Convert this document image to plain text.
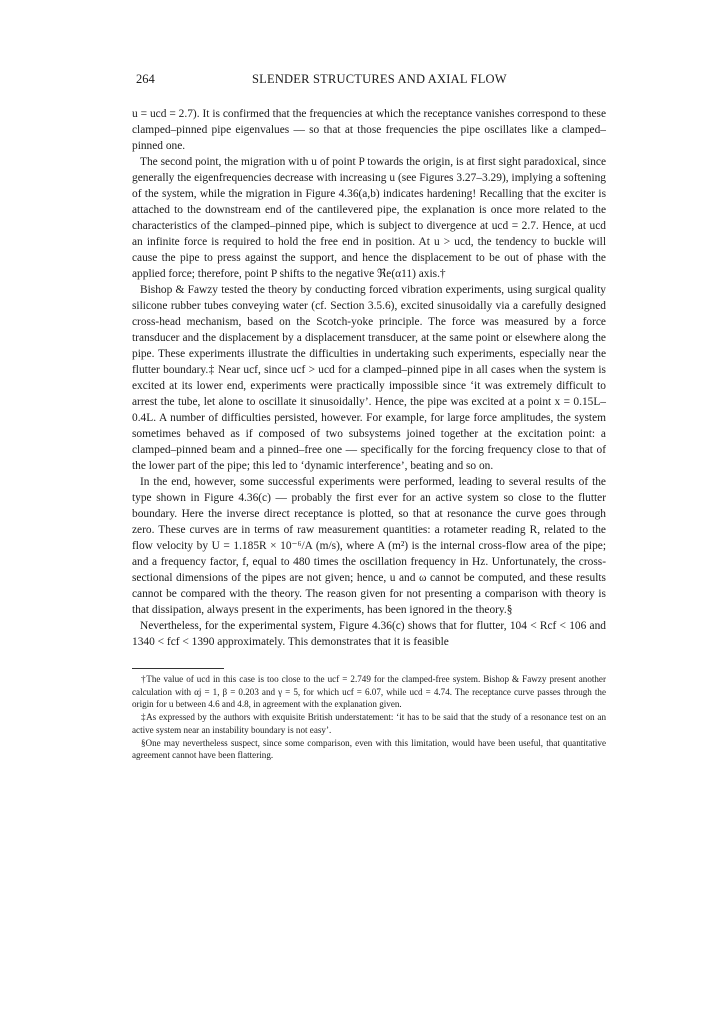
264	SLENDER STRUCTURES AND AXIAL FLOW

u = ucd = 2.7). It is confirmed that the frequencies at which the receptance vanishes correspond to these clamped–pinned pipe eigenvalues — so that at those frequencies the pipe oscillates like a clamped–pinned one.

The second point, the migration with u of point P towards the origin, is at first sight paradoxical, since generally the eigenfrequencies decrease with increasing u (see Figures 3.27–3.29), implying a softening of the system, while the migration in Figure 4.36(a,b) indicates hardening! Recalling that the exciter is attached to the downstream end of the cantilevered pipe, the explanation is once more related to the characteristics of the clamped–pinned pipe, which is subject to divergence at ucd = 2.7. Hence, at ucd an infinite force is required to hold the free end in position. At u > ucd, the tendency to buckle will cause the pipe to press against the support, and hence the displacement to be out of phase with the applied force; therefore, point P shifts to the negative ℜe(α11) axis.†

Bishop & Fawzy tested the theory by conducting forced vibration experiments, using surgical quality silicone rubber tubes conveying water (cf. Section 3.5.6), excited sinusoidally via a carefully designed cross-head mechanism, based on the Scotch-yoke principle. The force was measured by a force transducer and the displacement by a displacement transducer, at the same point or elsewhere along the pipe. These experiments illustrate the difficulties in undertaking such experiments, especially near the flutter boundary.‡ Near ucf, since ucf > ucd for a clamped–pinned pipe in all cases when the system is excited at its lower end, experiments were practically impossible since ‘it was extremely difficult to arrest the tube, let alone to oscillate it sinusoidally’. Hence, the pipe was excited at a point x = 0.15L–0.4L. A number of difficulties persisted, however. For example, for large force amplitudes, the system sometimes behaved as if composed of two subsystems joined together at the excitation point: a clamped–pinned beam and a pinned–free one — specifically for the forcing frequency close to that of the lower part of the pipe; this led to ‘dynamic interference’, beating and so on.

In the end, however, some successful experiments were performed, leading to several results of the type shown in Figure 4.36(c) — probably the first ever for an active system so close to the flutter boundary. Here the inverse direct receptance is plotted, so that at resonance the curve goes through zero. These curves are in terms of raw measurement quantities: a rotameter reading R, related to the flow velocity by U = 1.185R × 10⁻⁶/A (m/s), where A (m²) is the internal cross-flow area of the pipe; and a frequency factor, f, equal to 480 times the oscillation frequency in Hz. Unfortunately, the cross-sectional dimensions of the pipes are not given; hence, u and ω cannot be computed, and these results cannot be compared with the theory. The reason given for not presenting a comparison with theory is that dissipation, always present in the experiments, has been ignored in the theory.§

Nevertheless, for the experimental system, Figure 4.36(c) shows that for flutter, 104 < Rcf < 106 and 1340 < fcf < 1390 approximately. This demonstrates that it is feasible

†The value of ucd in this case is too close to the ucf = 2.749 for the clamped-free system. Bishop & Fawzy present another calculation with αj = 1, β = 0.203 and γ = 5, for which ucf = 6.07, while ucd = 4.74. The receptance curve passes through the origin for u between 4.6 and 4.8, in agreement with the explanation given.

‡As expressed by the authors with exquisite British understatement: ‘it has to be said that the study of a resonance test on an active system near an instability boundary is not easy’.

§One may nevertheless suspect, since some comparison, even with this limitation, would have been useful, that quantitative agreement cannot have been flattering.
